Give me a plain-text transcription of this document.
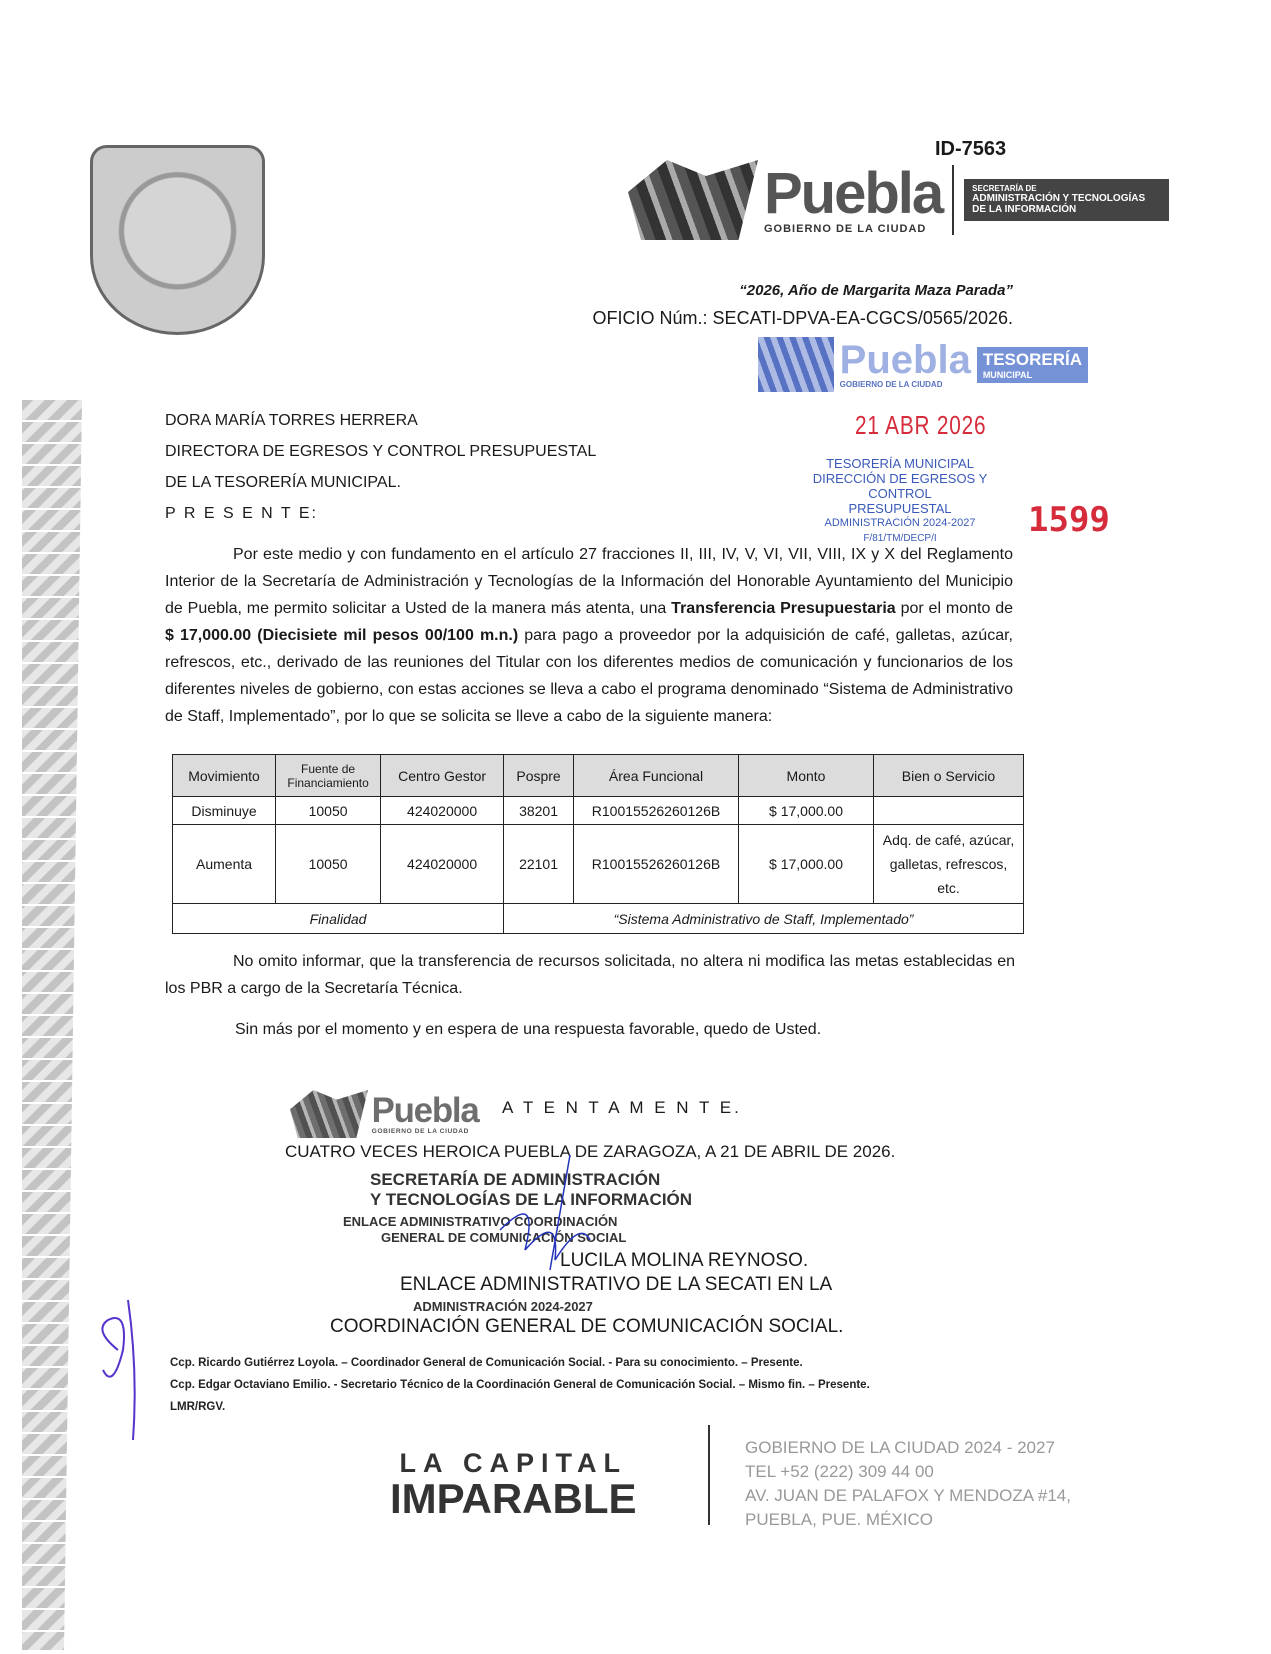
ID-7563
Puebla
GOBIERNO DE LA CIUDAD
SECRETARÍA DE
ADMINISTRACIÓN Y TECNOLOGÍAS
DE LA INFORMACIÓN
“2026, Año de Margarita Maza Parada”
OFICIO Núm.: SECATI-DPVA-EA-CGCS/0565/2026.
Puebla
GOBIERNO DE LA CIUDAD
TESORERÍA
MUNICIPAL
21 ABR 2026
TESORERÍA MUNICIPAL
DIRECCIÓN DE EGRESOS Y CONTROL
PRESUPUESTAL
ADMINISTRACIÓN 2024-2027
F/81/TM/DECP/I	1599
DORA MARÍA TORRES HERRERA
DIRECTORA DE EGRESOS Y CONTROL PRESUPUESTAL
DE LA TESORERÍA MUNICIPAL.
P R E S E N T E:
Por este medio y con fundamento en el artículo 27 fracciones II, III, IV, V, VI, VII, VIII, IX y X del Reglamento Interior de la Secretaría de Administración y Tecnologías de la Información del Honorable Ayuntamiento del Municipio de Puebla, me permito solicitar a Usted de la manera más atenta, una Transferencia Presupuestaria por el monto de $ 17,000.00 (Diecisiete mil pesos 00/100 m.n.) para pago a proveedor por la adquisición de café, galletas, azúcar, refrescos, etc., derivado de las reuniones del Titular con los diferentes medios de comunicación y funcionarios de los diferentes niveles de gobierno, con estas acciones se lleva a cabo el programa denominado “Sistema de Administrativo de Staff, Implementado”, por lo que se solicita se lleve a cabo de la siguiente manera:
Movimiento	Fuente de Financiamiento	Centro Gestor	Pospre	Área Funcional	Monto	Bien o Servicio
Disminuye	10050	424020000	38201	R10015526260126B	$ 17,000.00	
Aumenta	10050	424020000	22101	R10015526260126B	$ 17,000.00	Adq. de café, azúcar, galletas, refrescos, etc.
Finalidad			“Sistema Administrativo de Staff, Implementado”			
No omito informar, que la transferencia de recursos solicitada, no altera ni modifica las metas establecidas en los PBR a cargo de la Secretaría Técnica.
Sin más por el momento y en espera de una respuesta favorable, quedo de Usted.
Puebla
GOBIERNO DE LA CIUDAD
A T E N T A M E N T E.
CUATRO VECES HEROICA PUEBLA DE ZARAGOZA, A 21 DE ABRIL DE 2026.
SECRETARÍA DE ADMINISTRACIÓN
Y TECNOLOGÍAS DE LA INFORMACIÓN
ENLACE ADMINISTRATIVO COORDINACIÓN
GENERAL DE COMUNICACIÓN SOCIAL
LUCILA MOLINA REYNOSO.
ENLACE ADMINISTRATIVO DE LA SECATI EN LA
ADMINISTRACIÓN 2024-2027
COORDINACIÓN GENERAL DE COMUNICACIÓN SOCIAL.
Ccp. Ricardo Gutiérrez Loyola. – Coordinador General de Comunicación Social. - Para su conocimiento. – Presente.
Ccp. Edgar Octaviano Emilio. - Secretario Técnico de la Coordinación General de Comunicación Social. – Mismo fin. – Presente.
LMR/RGV.
LA CAPITAL
IMPARABLE
GOBIERNO DE LA CIUDAD 2024 - 2027
TEL +52 (222) 309 44 00
AV. JUAN DE PALAFOX Y MENDOZA #14,
PUEBLA, PUE. MÉXICO
